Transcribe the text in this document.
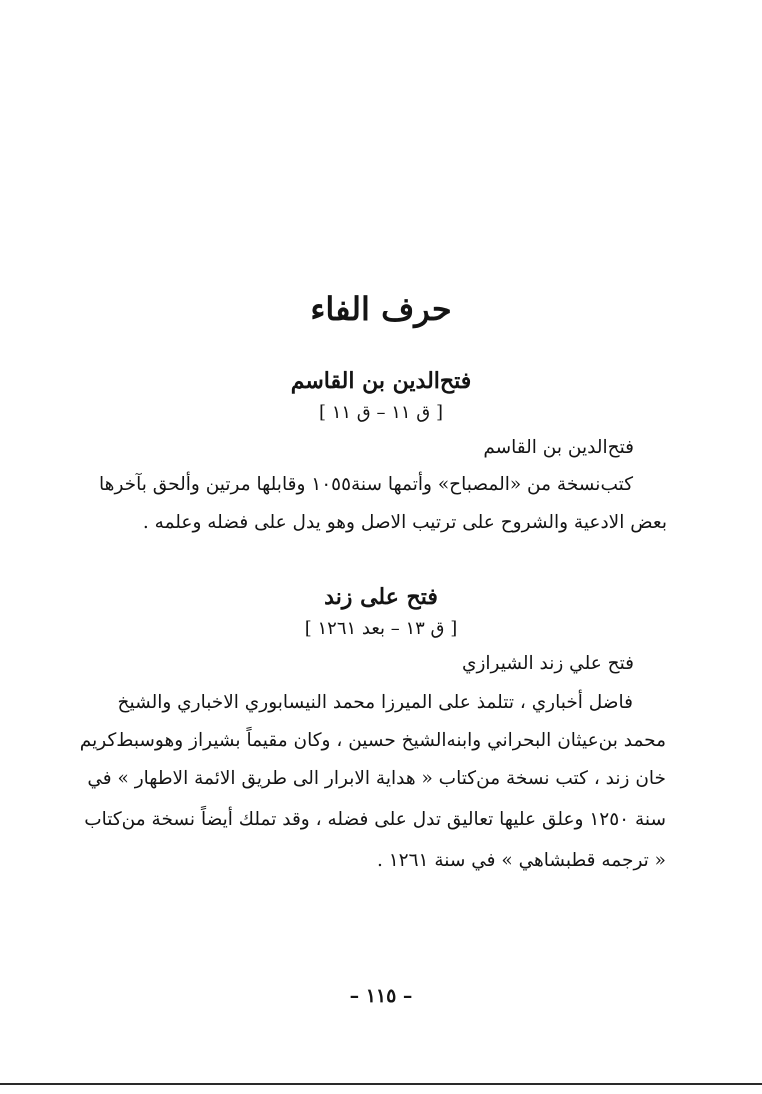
حرف الفاء
فتح‌الدين بن القاسم
[ ق ١١ – ق ١١ ]
فتح‌الدين بن القاسم
كتب‌نسخة من «المصباح» وأتمها سنة١٠٥٥ وقابلها مرتين وألحق بآخرها
بعض الادعية والشروح على ترتيب الاصل وهو يدل على فضله وعلمه .
فتح على زند
[ ق ١٣ – بعد ١٢٦١ ]
فتح علي زند الشيرازي
فاضل أخباري ، تتلمذ على الميرزا محمد النيسابوري الاخباري والشيخ
محمد بن‌عيثان البحراني وابنه‌الشيخ حسين ، وكان مقيماً بشيراز وهوسبط‌كريم
خان زند ، كتب نسخة من‌كتاب « هداية الابرار الى طريق الائمة الاطهار » في
سنة ١٢٥٠ وعلق عليها تعاليق تدل على فضله ، وقد تملك أيضاً نسخة من‌كتاب
« ترجمه قطبشاهي » في سنة ١٢٦١ .
– ١١٥ –
